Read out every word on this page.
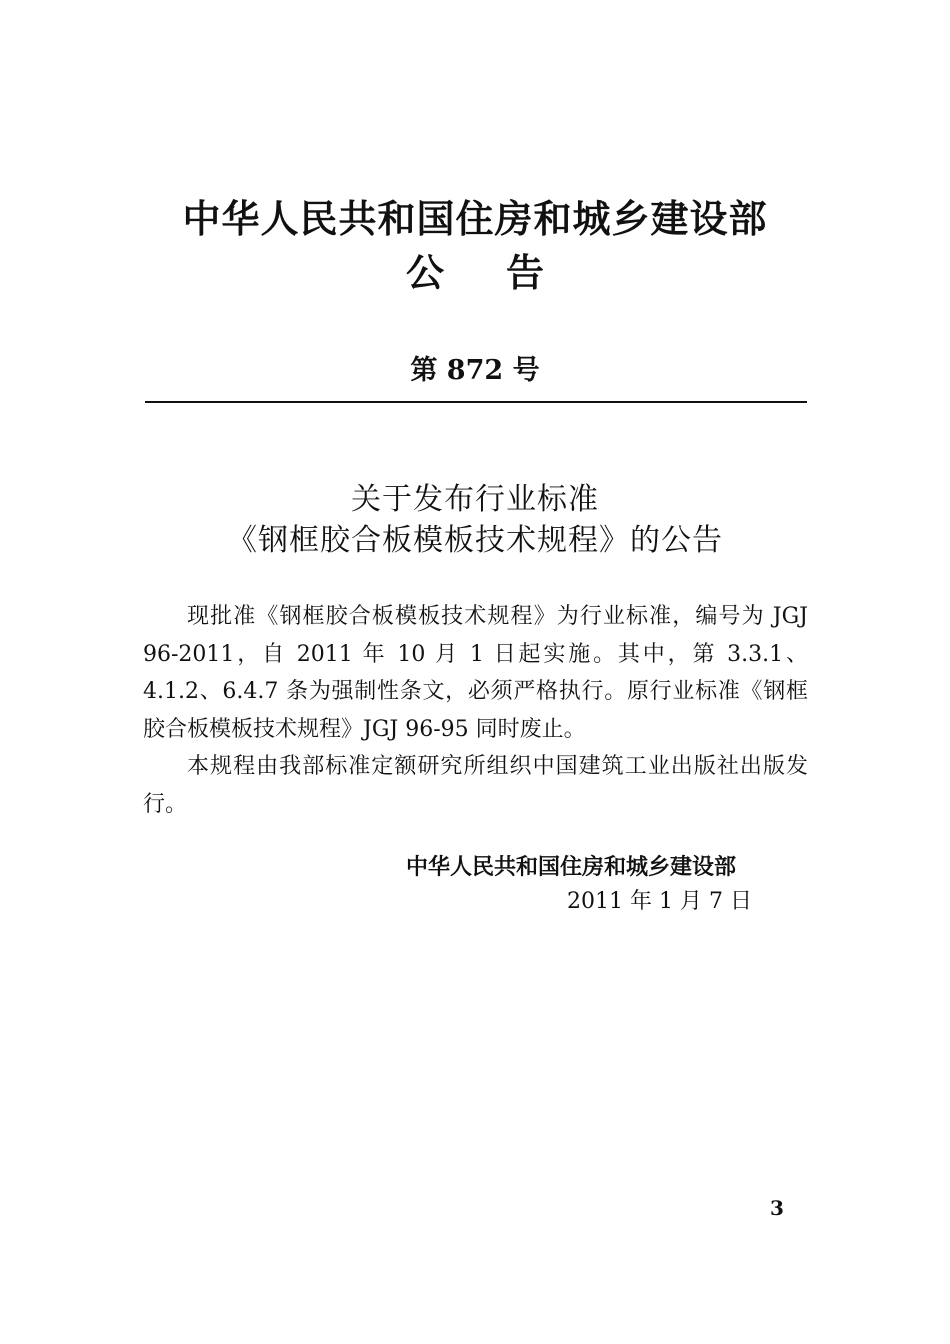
中华人民共和国住房和城乡建设部
公告
第 872 号
关于发布行业标准
《钢框胶合板模板技术规程》的公告

现批准《钢框胶合板模板技术规程》为行业标准，编号为 JGJ 96-2011，自 2011 年 10 月 1 日起实施。其中，第 3.3.1、4.1.2、6.4.7 条为强制性条文，必须严格执行。原行业标准《钢框胶合板模板技术规程》JGJ 96-95 同时废止。

本规程由我部标准定额研究所组织中国建筑工业出版社出版发行。

中华人民共和国住房和城乡建设部
2011 年 1 月 7 日
3
